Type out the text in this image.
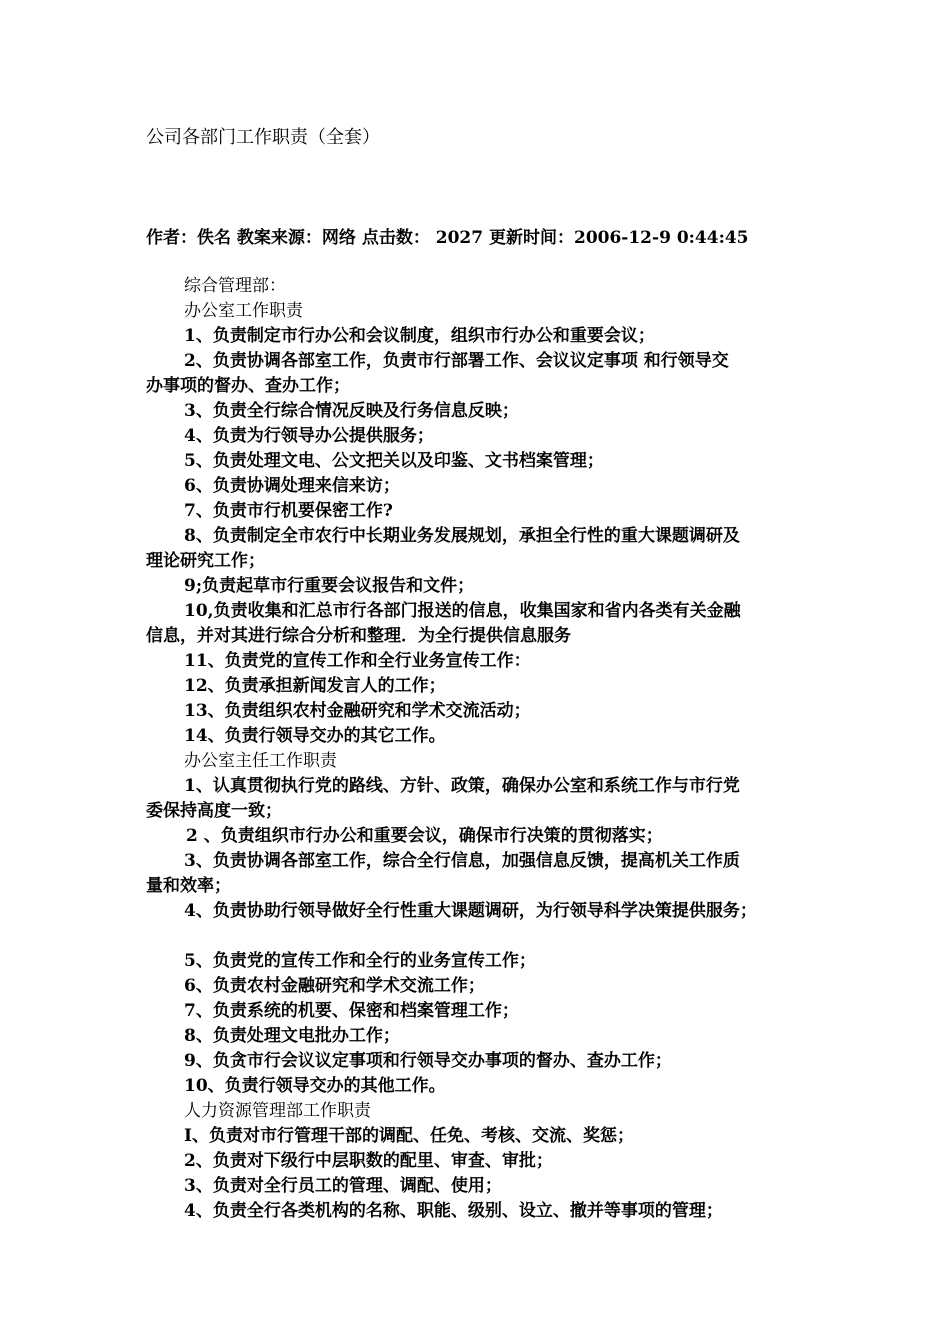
公司各部门工作职责（全套）
作者：佚名 教案来源：网络 点击数： 2027 更新时间：2006-12-9 0:44:45
综合管理部：
办公室工作职责
1、负责制定市行办公和会议制度，组织市行办公和重要会议；
2、负责协调各部室工作，负责市行部署工作、会议议定事项 和行领导交
办事项的督办、查办工作；
3、负责全行综合情况反映及行务信息反映；
4、负责为行领导办公提供服务；
5、负责处理文电、公文把关以及印鉴、文书档案管理；
6、负责协调处理来信来访；
7、负责市行机要保密工作?
8、负责制定全市农行中长期业务发展规划，承担全行性的重大课题调研及
理论研究工作；
9;负责起草市行重要会议报告和文件；
10,负责收集和汇总市行各部门报送的信息，收集国家和省内各类有关金融
信息，并对其进行综合分析和整理．为全行提供信息服务
11、负责党的宣传工作和全行业务宣传工作：
12、负责承担新闻发言人的工作；
13、负责组织农村金融研究和学术交流活动；
14、负责行领导交办的其它工作。
办公室主任工作职责
1、认真贯彻执行党的路线、方针、政策，确保办公室和系统工作与市行党
委保持高度一致；
2 、负责组织市行办公和重要会议，确保市行决策的贯彻落实；
3、负责协调各部室工作，综合全行信息，加强信息反馈，提高机关工作质
量和效率；
4、负责协助行领导做好全行性重大课题调研，为行领导科学决策提供服务；
5、负责党的宣传工作和全行的业务宣传工作；
6、负责农村金融研究和学术交流工作；
7、负责系统的机要、保密和档案管理工作；
8、负责处理文电批办工作；
9、负贪市行会议议定事项和行领导交办事项的督办、查办工作；
10、负责行领导交办的其他工作。
人力资源管理部工作职责
I、负责对市行管理干部的调配、任免、考核、交流、奖惩；
2、负责对下级行中层职数的配里、审查、审批；
3、负责对全行员工的管理、调配、使用；
4、负责全行各类机构的名称、职能、级别、设立、撤并等事项的管理；
